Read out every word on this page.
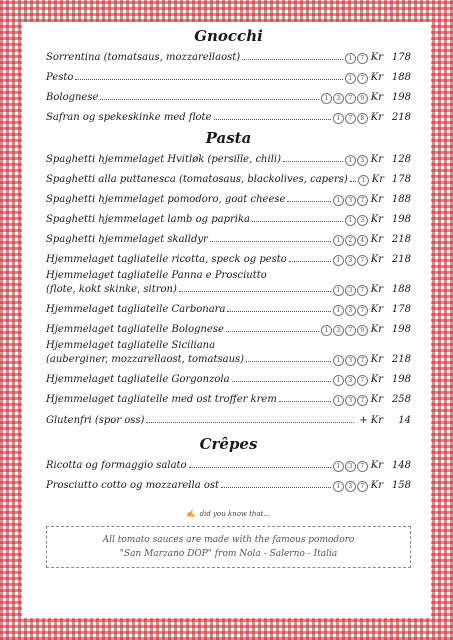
Gnocchi
Sorrentina (tomatsaus, mozzarellaost)	1	7 Kr 178
Pesto	1	7 Kr 188
Bolognese	1	3	7	9 Kr 198
Safran og spekeskinke med flote	1	7	8 Kr 218
Pasta
Spaghetti hjemmelaget Hvitløk (persille, chili)	1	3 Kr 128
Spaghetti alla puttanesca (tomatosaus, blackolives, capers)	1 Kr 178
Spaghetti hjemmelaget pomodoro, goat cheese	1	3	7 Kr 188
Spaghetti hjemmelaget lamb og paprika	1	3 Kr 198
Spaghetti hjemmelaget skalldyr	1	2	4 Kr 218
Hjemmelaget tagliatelle ricotta, speck og pesto	1	3	7 Kr 218
Hjemmelaget tagliatelle Panna e Prosciutto
(flote, kokt skinke, sitron)	1	3	7 Kr 188
Hjemmelaget tagliatelle Carbonara	1	3	7 Kr 178
Hjemmelaget tagliatelle Bolognese	1	3	7	9 Kr 198
Hjemmelaget tagliatelle Siciliana
(auberginer, mozzarellaost, tomatsaus)	1	3	7 Kr 218
Hjemmelaget tagliatelle Gorgonzola	1	3	7 Kr 198
Hjemmelaget tagliatelle med ost troffer krem	1	3	7 Kr 258
Glutenfri (spor oss)	+ Kr	14
Crêpes
Ricotta og formaggio salato	1	3	7 Kr 148
Prosciutto cotto og mozzarella ost	1	3	7 Kr 158
✍ did you know that...
All tomato sauces are made with the famous pomodoro
"San Marzano DOP" from Nola - Salerno - Italia
